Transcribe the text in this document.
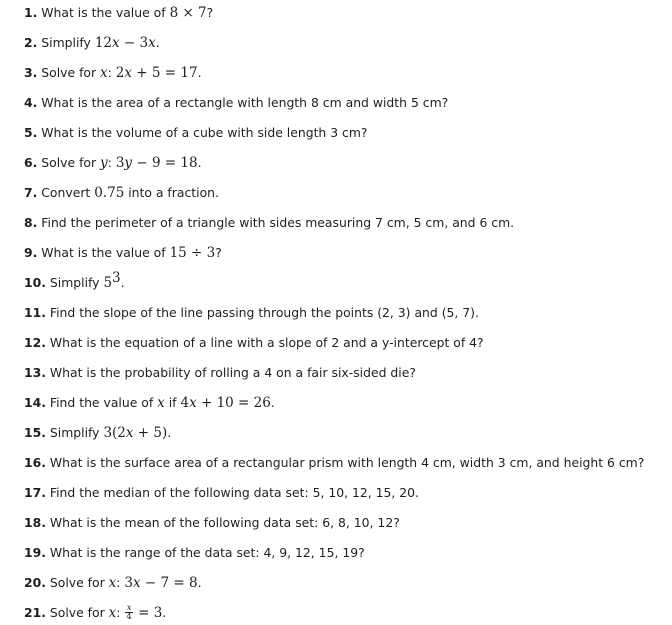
1. What is the value of 8 × 7?
2. Simplify 12x − 3x.
3. Solve for x: 2x + 5 = 17.
4. What is the area of a rectangle with length 8 cm and width 5 cm?
5. What is the volume of a cube with side length 3 cm?
6. Solve for y: 3y − 9 = 18.
7. Convert 0.75 into a fraction.
8. Find the perimeter of a triangle with sides measuring 7 cm, 5 cm, and 6 cm.
9. What is the value of 15 ÷ 3?
10. Simplify $5^3$.
11. Find the slope of the line passing through the points (2, 3) and (5, 7).
12. What is the equation of a line with a slope of 2 and a y-intercept of 4?
13. What is the probability of rolling a 4 on a fair six-sided die?
14. Find the value of x if 4x + 10 = 26.
15. Simplify 3(2x + 5).
16. What is the surface area of a rectangular prism with length 4 cm, width 3 cm, and height 6 cm?
17. Find the median of the following data set: 5, 10, 12, 15, 20.
18. What is the mean of the following data set: 6, 8, 10, 12?
19. What is the range of the data set: 4, 9, 12, 15, 19?
20. Solve for x: 3x − 7 = 8.
21. Solve for x: $\frac{x}{4} = 3$.
